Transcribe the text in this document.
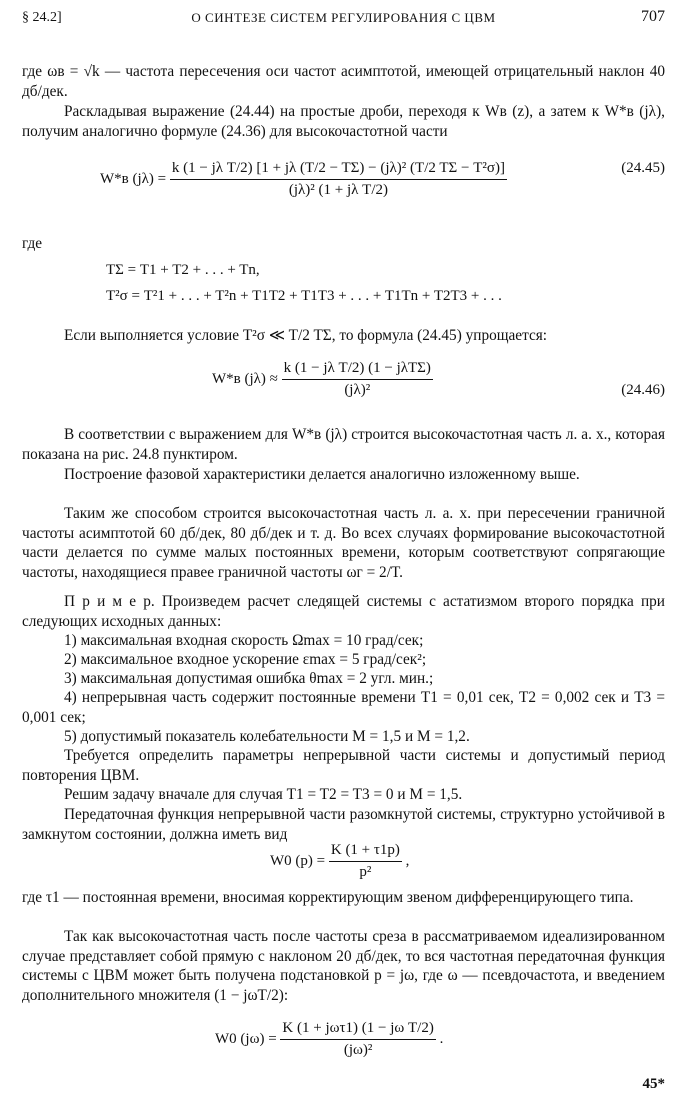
§ 24.2]	О СИНТЕЗЕ СИСТЕМ РЕГУЛИРОВАНИЯ С ЦВМ	707
где ωв = √k — частота пересечения оси частот асимптотой, имеющей отрицательный наклон 40 дб/дек.
Раскладывая выражение (24.44) на простые дроби, переходя к Wв (z), а затем к W*в (jλ), получим аналогично формуле (24.36) для высокочастотной части
W*в $(j\lambda) = \frac{\text{k (1 − jλ T/2) [1 + jλ (T/2 − TΣ) − (jλ)² (T/2 TΣ − T²σ)]}}{\text{(jλ)² (1 + jλ T/2)}}$	(24.45)
где
TΣ = T1 + T2 + . . . + Tn,
T²σ = T²1 + . . . + T²n + T1T2 + T1T3 + . . . + T1Tn + T2T3 + . . .
Если выполняется условие T²σ ≪ T/2 TΣ, то формула (24.45) упрощается:
W*в $(j\lambda) \approx \frac{\text{k (1 − jλ T/2) (1 − jλTΣ)}}{\text{(jλ)²}}$	(24.46)
В соответствии с выражением для W*в (jλ) строится высокочастотная часть л. а. х., которая показана на рис. 24.8 пунктиром.
Построение фазовой характеристики делается аналогично изложенному выше.
Таким же способом строится высокочастотная часть л. а. х. при пересечении граничной частоты асимптотой 60 дб/дек, 80 дб/дек и т. д. Во всех случаях формирование высокочастотной части делается по сумме малых постоянных времени, которым соответствуют сопрягающие частоты, находящиеся правее граничной частоты ωг = 2/T.
П р и м е р. Произведем расчет следящей системы с астатизмом второго порядка при следующих исходных данных:
1) максимальная входная скорость Ωmax = 10 град/сек;
2) максимальное входное ускорение εmax = 5 град/сек²;
3) максимальная допустимая ошибка θmax = 2 угл. мин.;
4) непрерывная часть содержит постоянные времени T1 = 0,01 сек, T2 = 0,002 сек и T3 = 0,001 сек;
5) допустимый показатель колебательности M = 1,5 и M = 1,2.
Требуется определить параметры непрерывной части системы и допустимый период повторения ЦВМ.
Решим задачу вначале для случая T1 = T2 = T3 = 0 и M = 1,5.
Передаточная функция непрерывной части разомкнутой системы, структурно устойчивой в замкнутом состоянии, должна иметь вид
W0 $(p) = \frac{K (1 + \tau 1p)}{\text{p²}}$ ,
где τ1 — постоянная времени, вносимая корректирующим звеном дифференцирующего типа.
Так как высокочастотная часть после частоты среза в рассматриваемом идеализированном случае представляет собой прямую с наклоном 20 дб/дек, то вся частотная передаточная функция системы с ЦВМ может быть получена подстановкой p = jω, где ω — псевдочастота, и введением дополнительного множителя (1 − jωT/2):
W0 $(j\omega) = \frac{\text{K (1 + jωτ1) (1 − jω T/2)}}{\text{(jω)²}}$ .
45*
